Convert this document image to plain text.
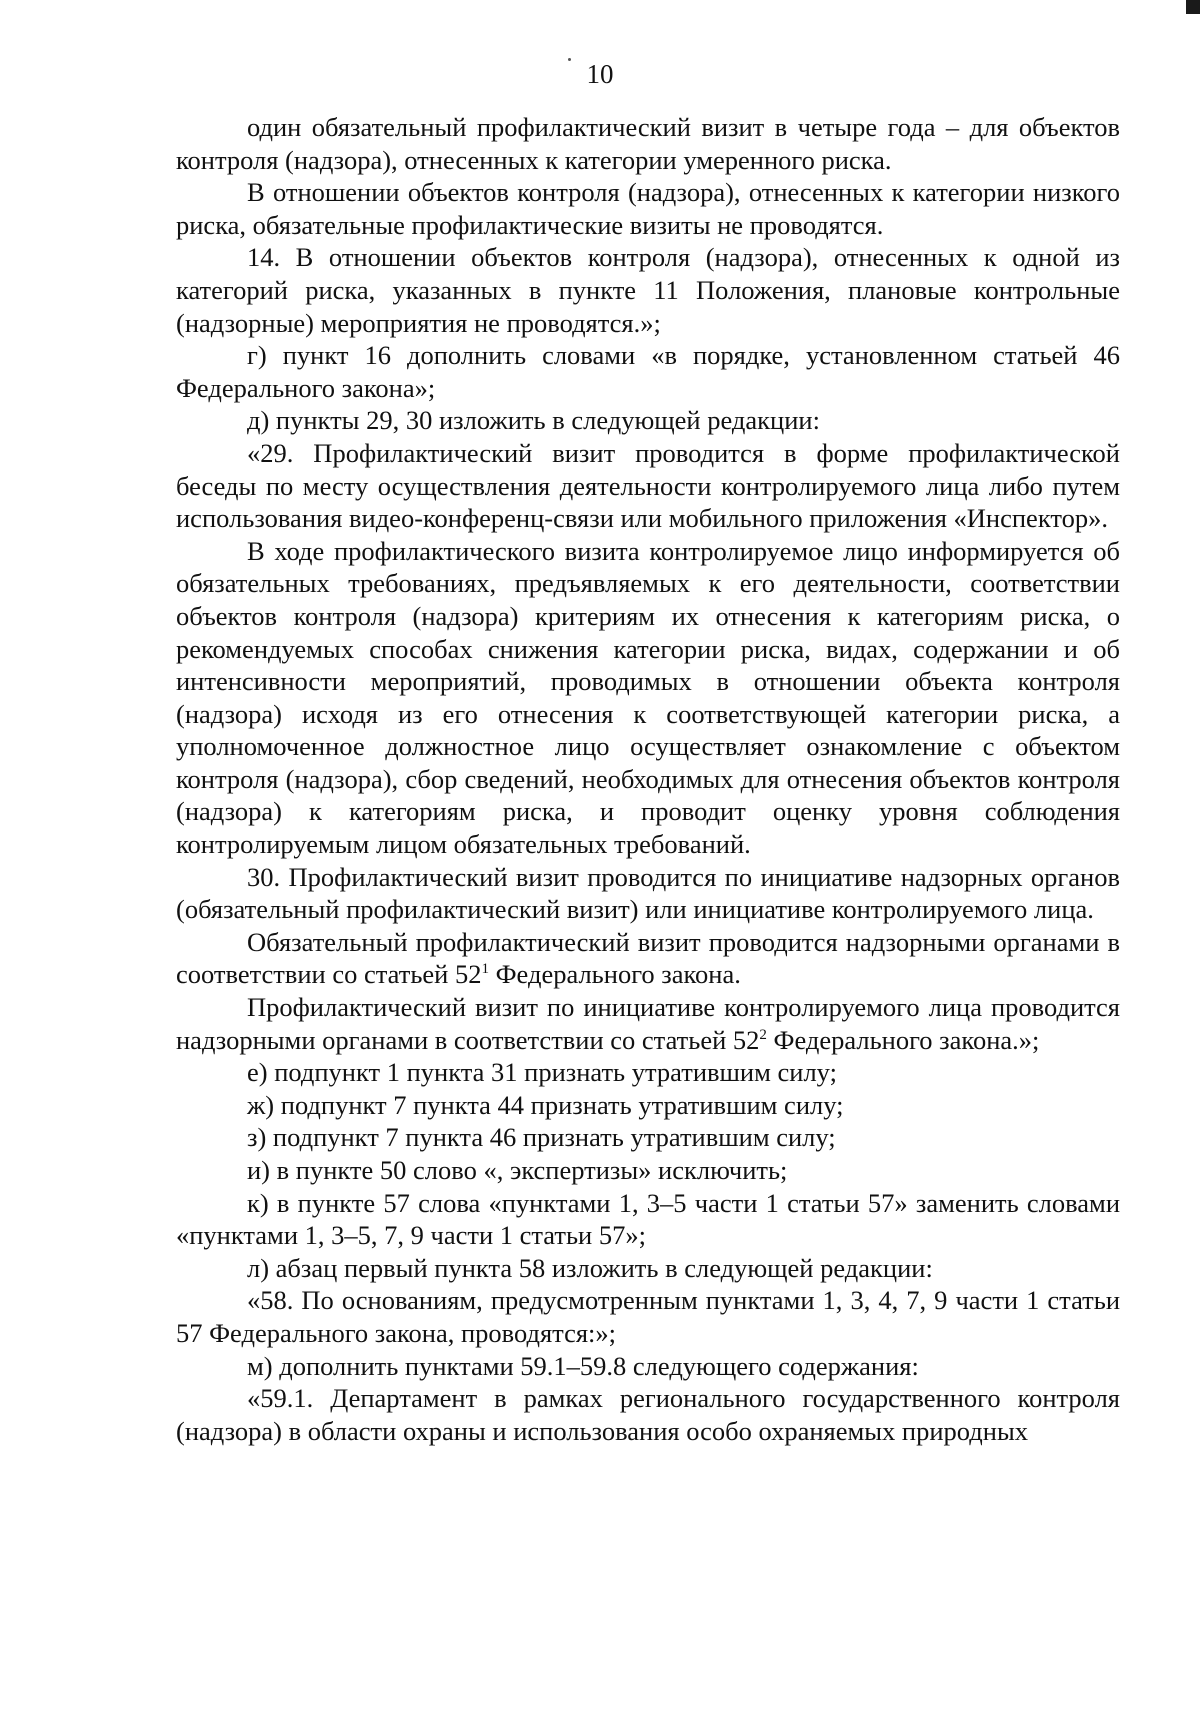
10

один обязательный профилактический визит в четыре года – для объектов контроля (надзора), отнесенных к категории умеренного риска.

В отношении объектов контроля (надзора), отнесенных к категории низкого риска, обязательные профилактические визиты не проводятся.

14. В отношении объектов контроля (надзора), отнесенных к одной из категорий риска, указанных в пункте 11 Положения, плановые контрольные (надзорные) мероприятия не проводятся.»;

г) пункт 16 дополнить словами «в порядке, установленном статьей 46 Федерального закона»;

д) пункты 29, 30 изложить в следующей редакции:

«29. Профилактический визит проводится в форме профилактической беседы по месту осуществления деятельности контролируемого лица либо путем использования видео-конференц-связи или мобильного приложения «Инспектор».

В ходе профилактического визита контролируемое лицо информируется об обязательных требованиях, предъявляемых к его деятельности, соответствии объектов контроля (надзора) критериям их отнесения к категориям риска, о рекомендуемых способах снижения категории риска, видах, содержании и об интенсивности мероприятий, проводимых в отношении объекта контроля (надзора) исходя из его отнесения к соответствующей категории риска, а уполномоченное должностное лицо осуществляет ознакомление с объектом контроля (надзора), сбор сведений, необходимых для отнесения объектов контроля (надзора) к категориям риска, и проводит оценку уровня соблюдения контролируемым лицом обязательных требований.

30. Профилактический визит проводится по инициативе надзорных органов (обязательный профилактический визит) или инициативе контролируемого лица.

Обязательный профилактический визит проводится надзорными органами в соответствии со статьей $52^1$ Федерального закона.

Профилактический визит по инициативе контролируемого лица проводится надзорными органами в соответствии со статьей $52^2$ Федерального закона.»;

е) подпункт 1 пункта 31 признать утратившим силу;

ж) подпункт 7 пункта 44 признать утратившим силу;

з) подпункт 7 пункта 46 признать утратившим силу;

и) в пункте 50 слово «, экспертизы» исключить;

к) в пункте 57 слова «пунктами 1, 3–5 части 1 статьи 57» заменить словами «пунктами 1, 3–5, 7, 9 части 1 статьи 57»;

л) абзац первый пункта 58 изложить в следующей редакции:

«58. По основаниям, предусмотренным пунктами 1, 3, 4, 7, 9 части 1 статьи 57 Федерального закона, проводятся:»;

м) дополнить пунктами 59.1–59.8 следующего содержания:

«59.1. Департамент в рамках регионального государственного контроля (надзора) в области охраны и использования особо охраняемых природных
